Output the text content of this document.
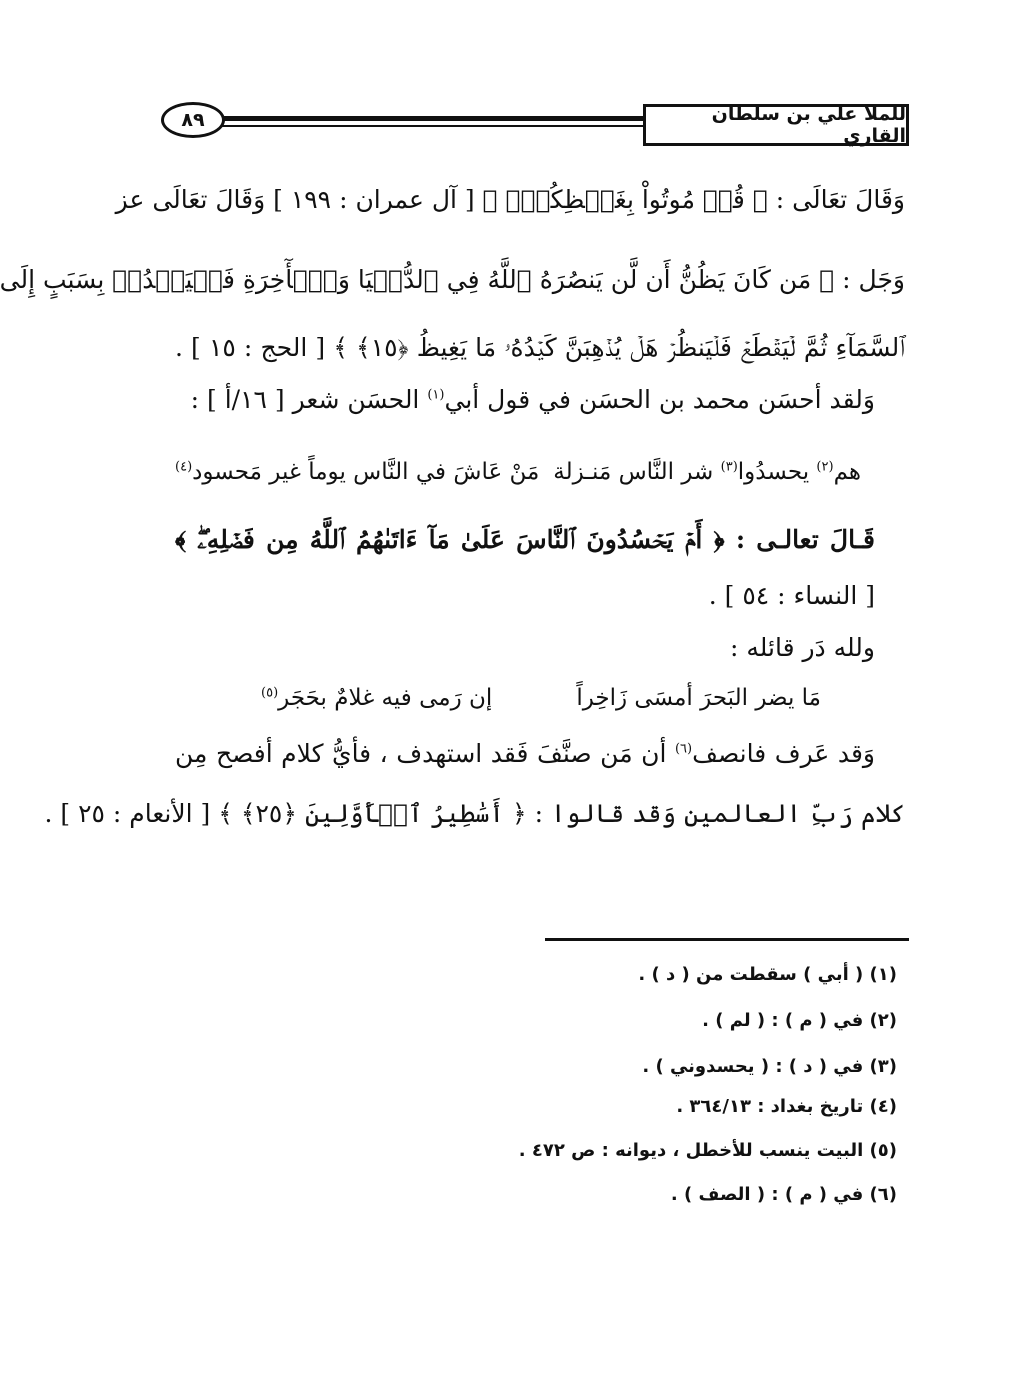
للملا علي بن سلطان القاري
٨٩
وَقَالَ تعَالَى : ﴿ قُلۡ مُوتُواْ بِغَيۡظِكُمۡۗ ﴾ [ آل عمران : ١٩٩ ] وَقَالَ تعَالَى عز
وَجَل : ﴿ مَن كَانَ يَظُنُّ أَن لَّن يَنصُرَهُ ٱللَّهُ فِي ٱلدُّنۡيَا وَٱلۡأٓخِرَةِ فَلۡيَمۡدُدۡ بِسَبَبٍ إِلَى
ٱلسَّمَآءِ ثُمَّ لۡيَقۡطَعۡ فَلۡيَنظُرۡ هَلۡ يُذۡهِبَنَّ كَيۡدُهُۥ مَا يَغِيظُ ﴿١٥﴾ ﴾ [ الحج : ١٥ ] .
وَلقد أحسَن محمد بن الحسَن في قول أبي$^{(١)}$ الحسَن شعر [ ١٦/أ ] :
هم$^{(٢)}$ يحسدُوا$^{(٣)}$ شر النَّاس مَنـزلة
مَنْ عَاشَ في النَّاس يوماً غير مَحسود$^{(٤)}$
قَـالَ تعالـى : ﴿ أَمۡ يَحۡسُدُونَ ٱلنَّاسَ عَلَىٰ مَآ ءَاتَىٰهُمُ ٱللَّهُ مِن فَضۡلِهِۦۖ ﴾
[ النساء : ٥٤ ] .
ولله دَر قائله :
مَا يضر البَحرَ أمسَى زَاخِراً
إن رَمى فيه غلامٌ بحَجَر$^{(٥)}$
وَقد عَرف فانصف$^{(٦)}$ أن مَن صنَّفَ فَقد استهدف ، فأيُّ كلام أفصح مِن
كلام رَبِّ العالمين وَقد قالوا : ﴿ أَسَٰطِيرُ ٱلۡأَوَّلِينَ ﴿٢٥﴾ ﴾ [ الأنعام : ٢٥ ] .
(١) ( أبي ) سقطت من ( د ) .
(٢) في ( م ) : ( لم ) .
(٣) في ( د ) : ( يحسدوني ) .
(٤) تاريخ بغداد : ٣٦٤/١٣ .
(٥) البيت ينسب للأخطل ، ديوانه : ص ٤٧٢ .
(٦) في ( م ) : ( الصف ) .
